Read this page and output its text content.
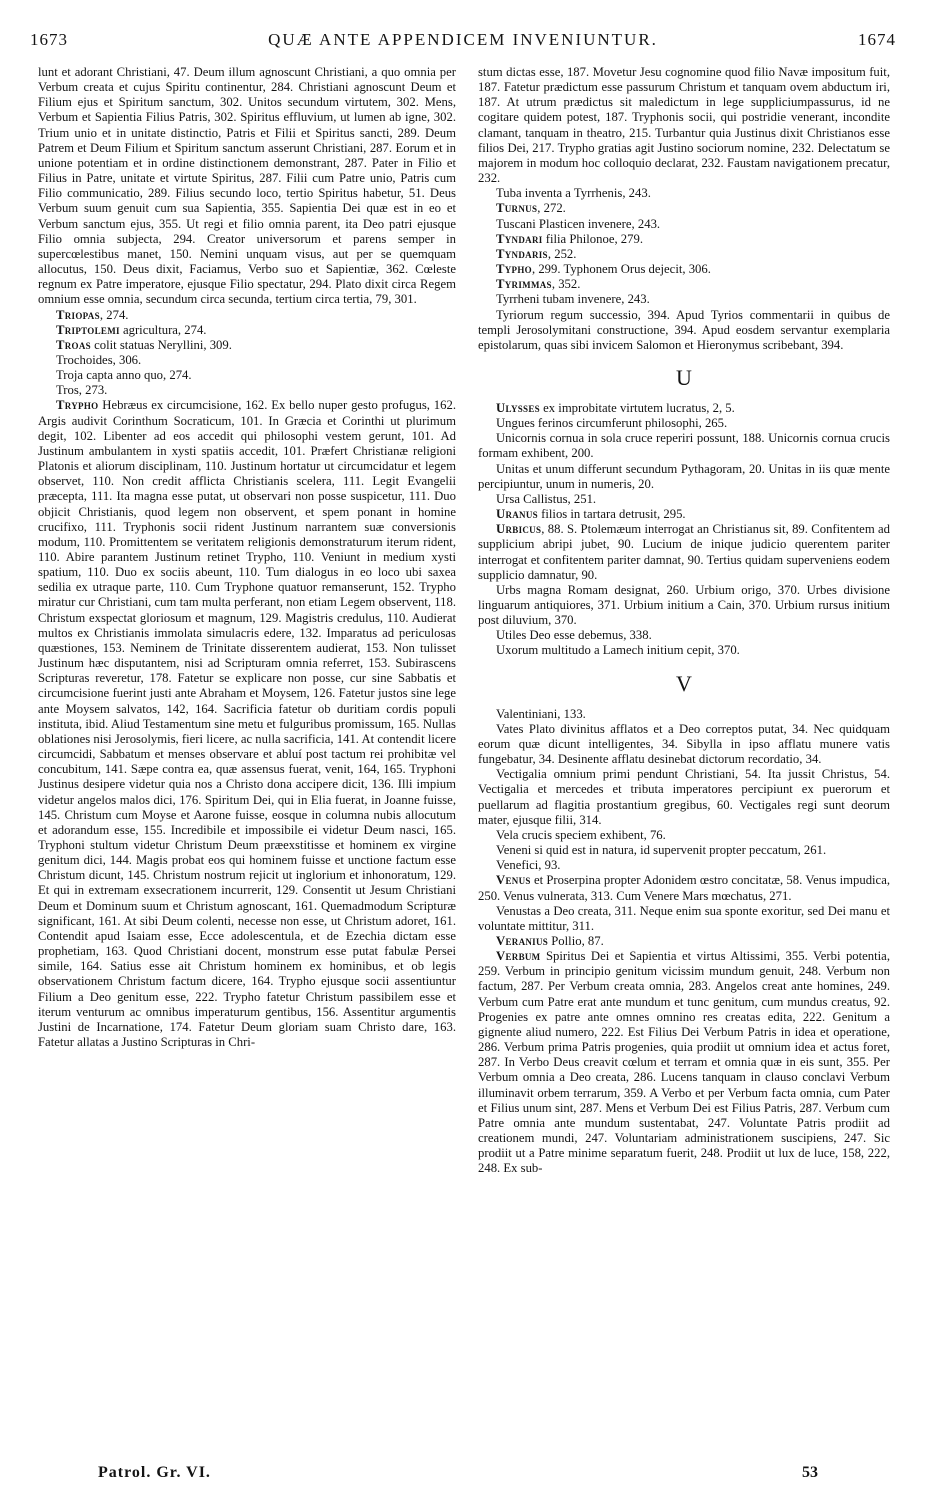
1673	QUÆ ANTE APPENDICEM INVENIUNTUR.	1674

lunt et adorant Christiani, 47. Deum illum agnoscunt Christiani, a quo omnia per Verbum creata et cujus Spiritu continentur, 284. Christiani agnoscunt Deum et Filium ejus et Spiritum sanctum, 302. Unitos secundum virtutem, 302. Mens, Verbum et Sapientia Filius Patris, 302. Spiritus effluvium, ut lumen ab igne, 302. Trium unio et in unitate distinctio, Patris et Filii et Spiritus sancti, 289. Deum Patrem et Deum Filium et Spiritum sanctum asserunt Christiani, 287. Eorum et in unione potentiam et in ordine distinctionem demonstrant, 287. Pater in Filio et Filius in Patre, unitate et virtute Spiritus, 287. Filii cum Patre unio, Patris cum Filio communicatio, 289. Filius secundo loco, tertio Spiritus habetur, 51. Deus Verbum suum genuit cum sua Sapientia, 355. Sapientia Dei quæ est in eo et Verbum sanctum ejus, 355. Ut regi et filio omnia parent, ita Deo patri ejusque Filio omnia subjecta, 294. Creator universorum et parens semper in supercœlestibus manet, 150. Nemini unquam visus, aut per se quemquam allocutus, 150. Deus dixit, Faciamus, Verbo suo et Sapientiæ, 362. Cœleste regnum ex Patre imperatore, ejusque Filio spectatur, 294. Plato dixit circa Regem omnium esse omnia, secundum circa secunda, tertium circa tertia, 79, 301.

Triopas, 274.

Triptolemi agricultura, 274.

Troas colit statuas Neryllini, 309.

Trochoides, 306.

Troja capta anno quo, 274.

Tros, 273.

Trypho Hebræus ex circumcisione, 162. Ex bello nuper gesto profugus, 162. Argis audivit Corinthum Socraticum, 101. In Græcia et Corinthi ut plurimum degit, 102. Libenter ad eos accedit qui philosophi vestem gerunt, 101. Ad Justinum ambulantem in xysti spatiis accedit, 101. Præfert Christianæ religioni Platonis et aliorum disciplinam, 110. Justinum hortatur ut circumcidatur et legem observet, 110. Non credit afflicta Christianis scelera, 111. Legit Evangelii præcepta, 111. Ita magna esse putat, ut observari non posse suspicetur, 111. Duo objicit Christianis, quod legem non observent, et spem ponant in homine crucifixo, 111. Tryphonis socii rident Justinum narrantem suæ conversionis modum, 110. Promittentem se veritatem religionis demonstraturum iterum rident, 110. Abire parantem Justinum retinet Trypho, 110. Veniunt in medium xysti spatium, 110. Duo ex sociis abeunt, 110. Tum dialogus in eo loco ubi saxea sedilia ex utraque parte, 110. Cum Tryphone quatuor remanserunt, 152. Trypho miratur cur Christiani, cum tam multa perferant, non etiam Legem observent, 118. Christum exspectat gloriosum et magnum, 129. Magistris credulus, 110. Audierat multos ex Christianis immolata simulacris edere, 132. Imparatus ad periculosas quæstiones, 153. Neminem de Trinitate disserentem audierat, 153. Non tulisset Justinum hæc disputantem, nisi ad Scripturam omnia referret, 153. Subirascens Scripturas reveretur, 178. Fatetur se explicare non posse, cur sine Sabbatis et circumcisione fuerint justi ante Abraham et Moysem, 126. Fatetur justos sine lege ante Moysem salvatos, 142, 164. Sacrificia fatetur ob duritiam cordis populi instituta, ibid. Aliud Testamentum sine metu et fulguribus promissum, 165. Nullas oblationes nisi Jerosolymis, fieri licere, ac nulla sacrificia, 141. At contendit licere circumcidi, Sabbatum et menses observare et abluí post tactum rei prohibitæ vel concubitum, 141. Sæpe contra ea, quæ assensus fuerat, venit, 164, 165. Tryphoni Justinus desipere videtur quia nos a Christo dona accipere dicit, 136. Illi impium videtur angelos malos dici, 176. Spiritum Dei, qui in Elia fuerat, in Joanne fuisse, 145. Christum cum Moyse et Aarone fuisse, eosque in columna nubis allocutum et adorandum esse, 155. Incredibile et impossibile ei videtur Deum nasci, 165. Tryphoni stultum videtur Christum Deum præexstitisse et hominem ex virgine genitum dici, 144. Magis probat eos qui hominem fuisse et unctione factum esse Christum dicunt, 145. Christum nostrum rejicit ut inglorium et inhonoratum, 129. Et qui in extremam exsecrationem incurrerit, 129. Consentit ut Jesum Christiani Deum et Dominum suum et Christum agnoscant, 161. Quemadmodum Scripturæ significant, 161. At sibi Deum colenti, necesse non esse, ut Christum adoret, 161. Contendit apud Isaiam esse, Ecce adolescentula, et de Ezechia dictam esse prophetiam, 163. Quod Christiani docent, monstrum esse putat fabulæ Persei simile, 164. Satius esse ait Christum hominem ex hominibus, et ob legis observationem Christum factum dicere, 164. Trypho ejusque socii assentiuntur Filium a Deo genitum esse, 222. Trypho fatetur Christum passibilem esse et iterum venturum ac omnibus imperaturum gentibus, 156. Assentitur argumentis Justini de Incarnatione, 174. Fatetur Deum gloriam suam Christo dare, 163. Fatetur allatas a Justino Scripturas in Chri-

stum dictas esse, 187. Movetur Jesu cognomine quod filio Navæ impositum fuit, 187. Fatetur prædictum esse passurum Christum et tanquam ovem abductum iri, 187. At utrum prædictus sit maledictum in lege suppliciumpassurus, id ne cogitare quidem potest, 187. Tryphonis socii, qui postridie venerant, incondite clamant, tanquam in theatro, 215. Turbantur quia Justinus dixit Christianos esse filios Dei, 217. Trypho gratias agit Justino sociorum nomine, 232. Delectatum se majorem in modum hoc colloquio declarat, 232. Faustam navigationem precatur, 232.

Tuba inventa a Tyrrhenis, 243.

Turnus, 272.

Tuscani Plasticen invenere, 243.

Tyndari filia Philonoe, 279.

Tyndaris, 252.

Typho, 299. Typhonem Orus dejecit, 306.

Tyrimmas, 352.

Tyrrheni tubam invenere, 243.

Tyriorum regum successio, 394. Apud Tyrios commentarii in quibus de templi Jerosolymitani constructione, 394. Apud eosdem servantur exemplaria epistolarum, quas sibi invicem Salomon et Hieronymus scribebant, 394.

U

Ulysses ex improbitate virtutem lucratus, 2, 5.

Ungues ferinos circumferunt philosophi, 265.

Unicornis cornua in sola cruce reperiri possunt, 188. Unicornis cornua crucis formam exhibent, 200.

Unitas et unum differunt secundum Pythagoram, 20. Unitas in iis quæ mente percipiuntur, unum in numeris, 20.

Ursa Callistus, 251.

Uranus filios in tartara detrusit, 295.

Urbicus, 88. S. Ptolemæum interrogat an Christianus sit, 89. Confitentem ad supplicium abripi jubet, 90. Lucium de inique judicio querentem pariter interrogat et confitentem pariter damnat, 90. Tertius quidam superveniens eodem supplicio damnatur, 90.

Urbs magna Romam designat, 260. Urbium origo, 370. Urbes divisione linguarum antiquiores, 371. Urbium initium a Cain, 370. Urbium rursus initium post diluvium, 370.

Utiles Deo esse debemus, 338.

Uxorum multitudo a Lamech initium cepit, 370.

V

Valentiniani, 133.

Vates Plato divinitus afflatos et a Deo correptos putat, 34. Nec quidquam eorum quæ dicunt intelligentes, 34. Sibylla in ipso afflatu munere vatis fungebatur, 34. Desinente afflatu desinebat dictorum recordatio, 34.

Vectigalia omnium primi pendunt Christiani, 54. Ita jussit Christus, 54. Vectigalia et mercedes et tributa imperatores percipiunt ex puerorum et puellarum ad flagitia prostantium gregibus, 60. Vectigales regi sunt deorum mater, ejusque filii, 314.

Vela crucis speciem exhibent, 76.

Veneni si quid est in natura, id supervenit propter peccatum, 261.

Venefici, 93.

Venus et Proserpina propter Adonidem œstro concitatæ, 58. Venus impudica, 250. Venus vulnerata, 313. Cum Venere Mars mœchatus, 271.

Venustas a Deo creata, 311. Neque enim sua sponte exoritur, sed Dei manu et voluntate mittitur, 311.

Veranius Pollio, 87.

Verbum Spiritus Dei et Sapientia et virtus Altissimi, 355. Verbi potentia, 259. Verbum in principio genitum vicissim mundum genuit, 248. Verbum non factum, 287. Per Verbum creata omnia, 283. Angelos creat ante homines, 249. Verbum cum Patre erat ante mundum et tunc genitum, cum mundus creatus, 92. Progenies ex patre ante omnes omnino res creatas edita, 222. Genitum a gignente aliud numero, 222. Est Filius Dei Verbum Patris in idea et operatione, 286. Verbum prima Patris progenies, quia prodiit ut omnium idea et actus foret, 287. In Verbo Deus creavit cœlum et terram et omnia quæ in eis sunt, 355. Per Verbum omnia a Deo creata, 286. Lucens tanquam in clauso conclavi Verbum illuminavit orbem terrarum, 359. A Verbo et per Verbum facta omnia, cum Pater et Filius unum sint, 287. Mens et Verbum Dei est Filius Patris, 287. Verbum cum Patre omnia ante mundum sustentabat, 247. Voluntate Patris prodiit ad creationem mundi, 247. Voluntariam administrationem suscipiens, 247. Sic prodiit ut a Patre minime separatum fuerit, 248. Prodiit ut lux de luce, 158, 222, 248. Ex sub-

Patrol. Gr. VI.	53
